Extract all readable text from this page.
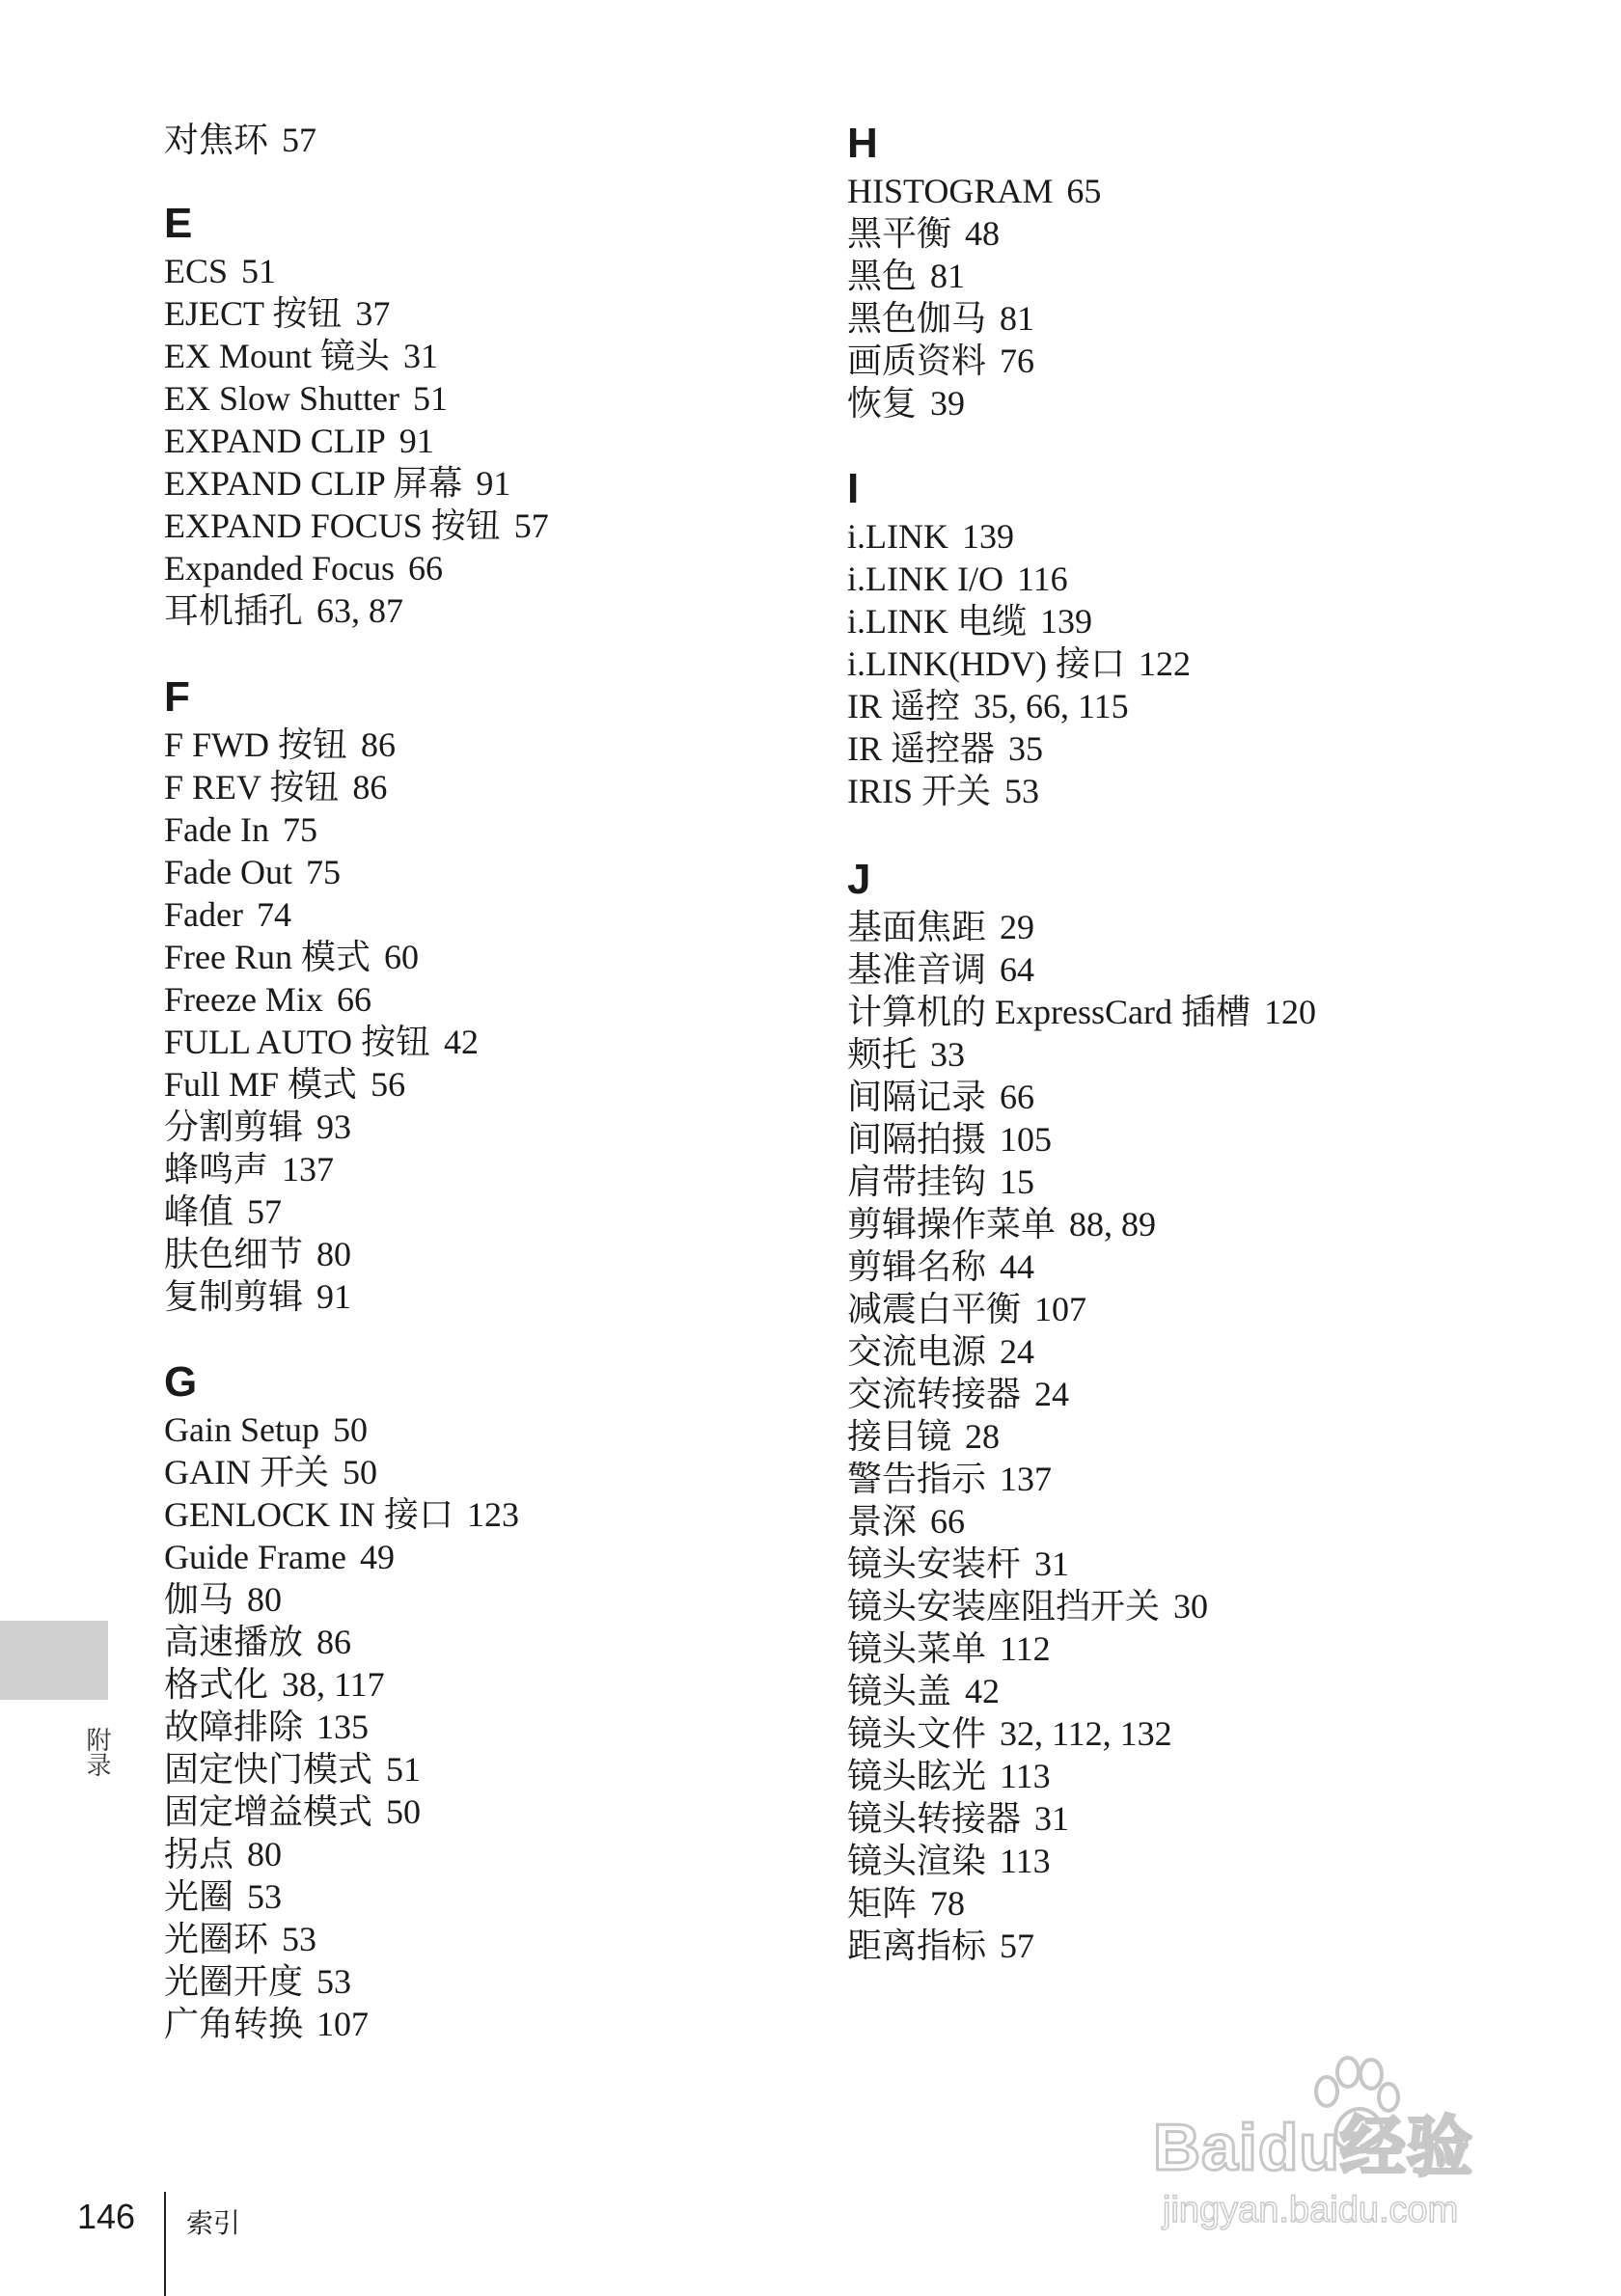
对焦环 57
E
ECS 51
EJECT 按钮 37
EX Mount 镜头 31
EX Slow Shutter 51
EXPAND CLIP 91
EXPAND CLIP 屏幕 91
EXPAND FOCUS 按钮 57
Expanded Focus 66
耳机插孔 63, 87
F
F FWD 按钮 86
F REV 按钮 86
Fade In 75
Fade Out 75
Fader 74
Free Run 模式 60
Freeze Mix 66
FULL AUTO 按钮 42
Full MF 模式 56
分割剪辑 93
蜂鸣声 137
峰值 57
肤色细节 80
复制剪辑 91
G
Gain Setup 50
GAIN 开关 50
GENLOCK IN 接口 123
Guide Frame 49
伽马 80
高速播放 86
格式化 38, 117
故障排除 135
固定快门模式 51
固定增益模式 50
拐点 80
光圈 53
光圈环 53
光圈开度 53
广角转换 107
H
HISTOGRAM 65
黑平衡 48
黑色 81
黑色伽马 81
画质资料 76
恢复 39
I
i.LINK 139
i.LINK I/O 116
i.LINK 电缆 139
i.LINK(HDV) 接口 122
IR 遥控 35, 66, 115
IR 遥控器 35
IRIS 开关 53
J
基面焦距 29
基准音调 64
计算机的 ExpressCard 插槽 120
颊托 33
间隔记录 66
间隔拍摄 105
肩带挂钩 15
剪辑操作菜单 88, 89
剪辑名称 44
减震白平衡 107
交流电源 24
交流转接器 24
接目镜 28
警告指示 137
景深 66
镜头安装杆 31
镜头安装座阻挡开关 30
镜头菜单 112
镜头盖 42
镜头文件 32, 112, 132
镜头眩光 113
镜头转接器 31
镜头渲染 113
矩阵 78
距离指标 57
附录
146 索引
Baidu经验
jingyan.baidu.com
